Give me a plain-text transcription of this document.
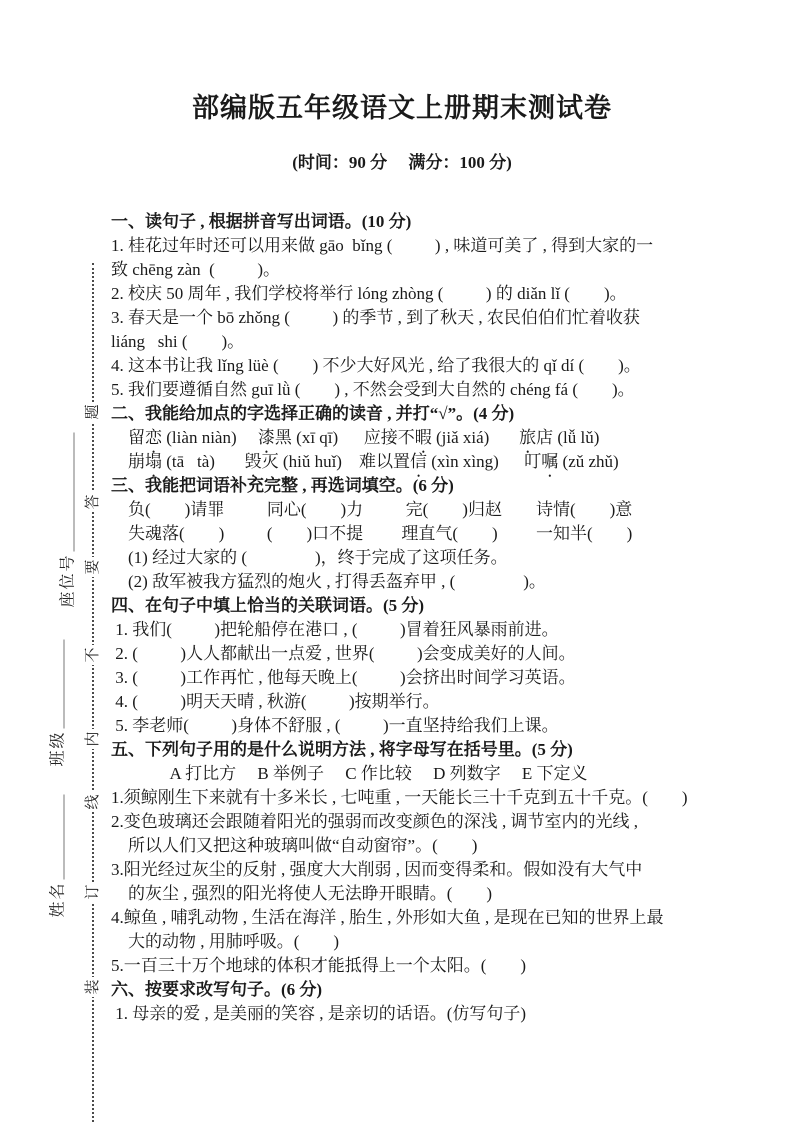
部编版五年级语文上册期末测试卷
(时间：90 分　 满分：100 分)
题
答
要
不
内
线
订
装
座位号
班级
姓名
一、读句子 , 根据拼音写出词语。(10 分)
1. 桂花过年时还可以用来做 gāo  bǐng (          ) , 味道可美了 , 得到大家的一
致 chēng zàn  (          )。
2. 校庆 50 周年 , 我们学校将举行 lóng zhòng (          ) 的 diǎn lǐ (        )。
3. 春天是一个 bō zhǒng (          ) 的季节 , 到了秋天 , 农民伯伯们忙着收获
liáng   shi (        )。
4. 这本书让我 lǐng lüè (        ) 不少大好风光 , 给了我很大的 qǐ dí (        )。
5. 我们要遵循自然 guī lǜ (        ) , 不然会受到大自然的 chéng fá (        )。
二、我能给加点的字选择正确的读音 , 并打“√”。(4 分)
　留恋 (liàn niàn)　 漆黑 (xī qī)　 应接不暇 (jiǎ xiá)　 旅店 (lǚ lǔ)
　崩塌 (tā tà)　 毁灭 (hiǔ huǐ)　 难以置信 (xìn xìng)　 叮嘱 (zǔ zhǔ)
三、我能把词语补充完整 , 再选词填空。(6 分)
　负(　　)请罪　　  同心(　　)力　　  完(　　)归赵　　诗情(　　)意
　失魂落(　　)　　  (　　)口不提　　 理直气(　　)　　 一知半(　　)
　(1) 经过大家的 (                )，终于完成了这项任务。
　(2) 敌军被我方猛烈的炮火 , 打得丢盔弃甲 , (                )。
四、在句子中填上恰当的关联词语。(5 分)
1. 我们(          )把轮船停在港口 , (          )冒着狂风暴雨前进。
2. (          )人人都献出一点爱 , 世界(          )会变成美好的人间。
3. (          )工作再忙 , 他每天晚上(          )会挤出时间学习英语。
4. (          )明天天晴 , 秋游(          )按期举行。
5. 李老师(          )身体不舒服 , (          )一直坚持给我们上课。
五、下列句子用的是什么说明方法 , 将字母写在括号里。(5 分)
　　　  A 打比方　 B 举例子　 C 作比较　 D 列数字　 E 下定义
1.须鲸刚生下来就有十多米长 , 七吨重 , 一天能长三十千克到五十千克。(　　)
2.变色玻璃还会跟随着阳光的强弱而改变颜色的深浅 , 调节室内的光线 ,
　所以人们又把这种玻璃叫做“自动窗帘”。(　　)
3.阳光经过灰尘的反射 , 强度大大削弱 , 因而变得柔和。假如没有大气中
　的灰尘 , 强烈的阳光将使人无法睁开眼睛。(　　)
4.鲸鱼 , 哺乳动物 , 生活在海洋 , 胎生 , 外形如大鱼 , 是现在已知的世界上最
　大的动物 , 用肺呼吸。(　　)
5.一百三十万个地球的体积才能抵得上一个太阳。(　　)
六、按要求改写句子。(6 分)
1. 母亲的爱 , 是美丽的笑容 , 是亲切的话语。(仿写句子)
